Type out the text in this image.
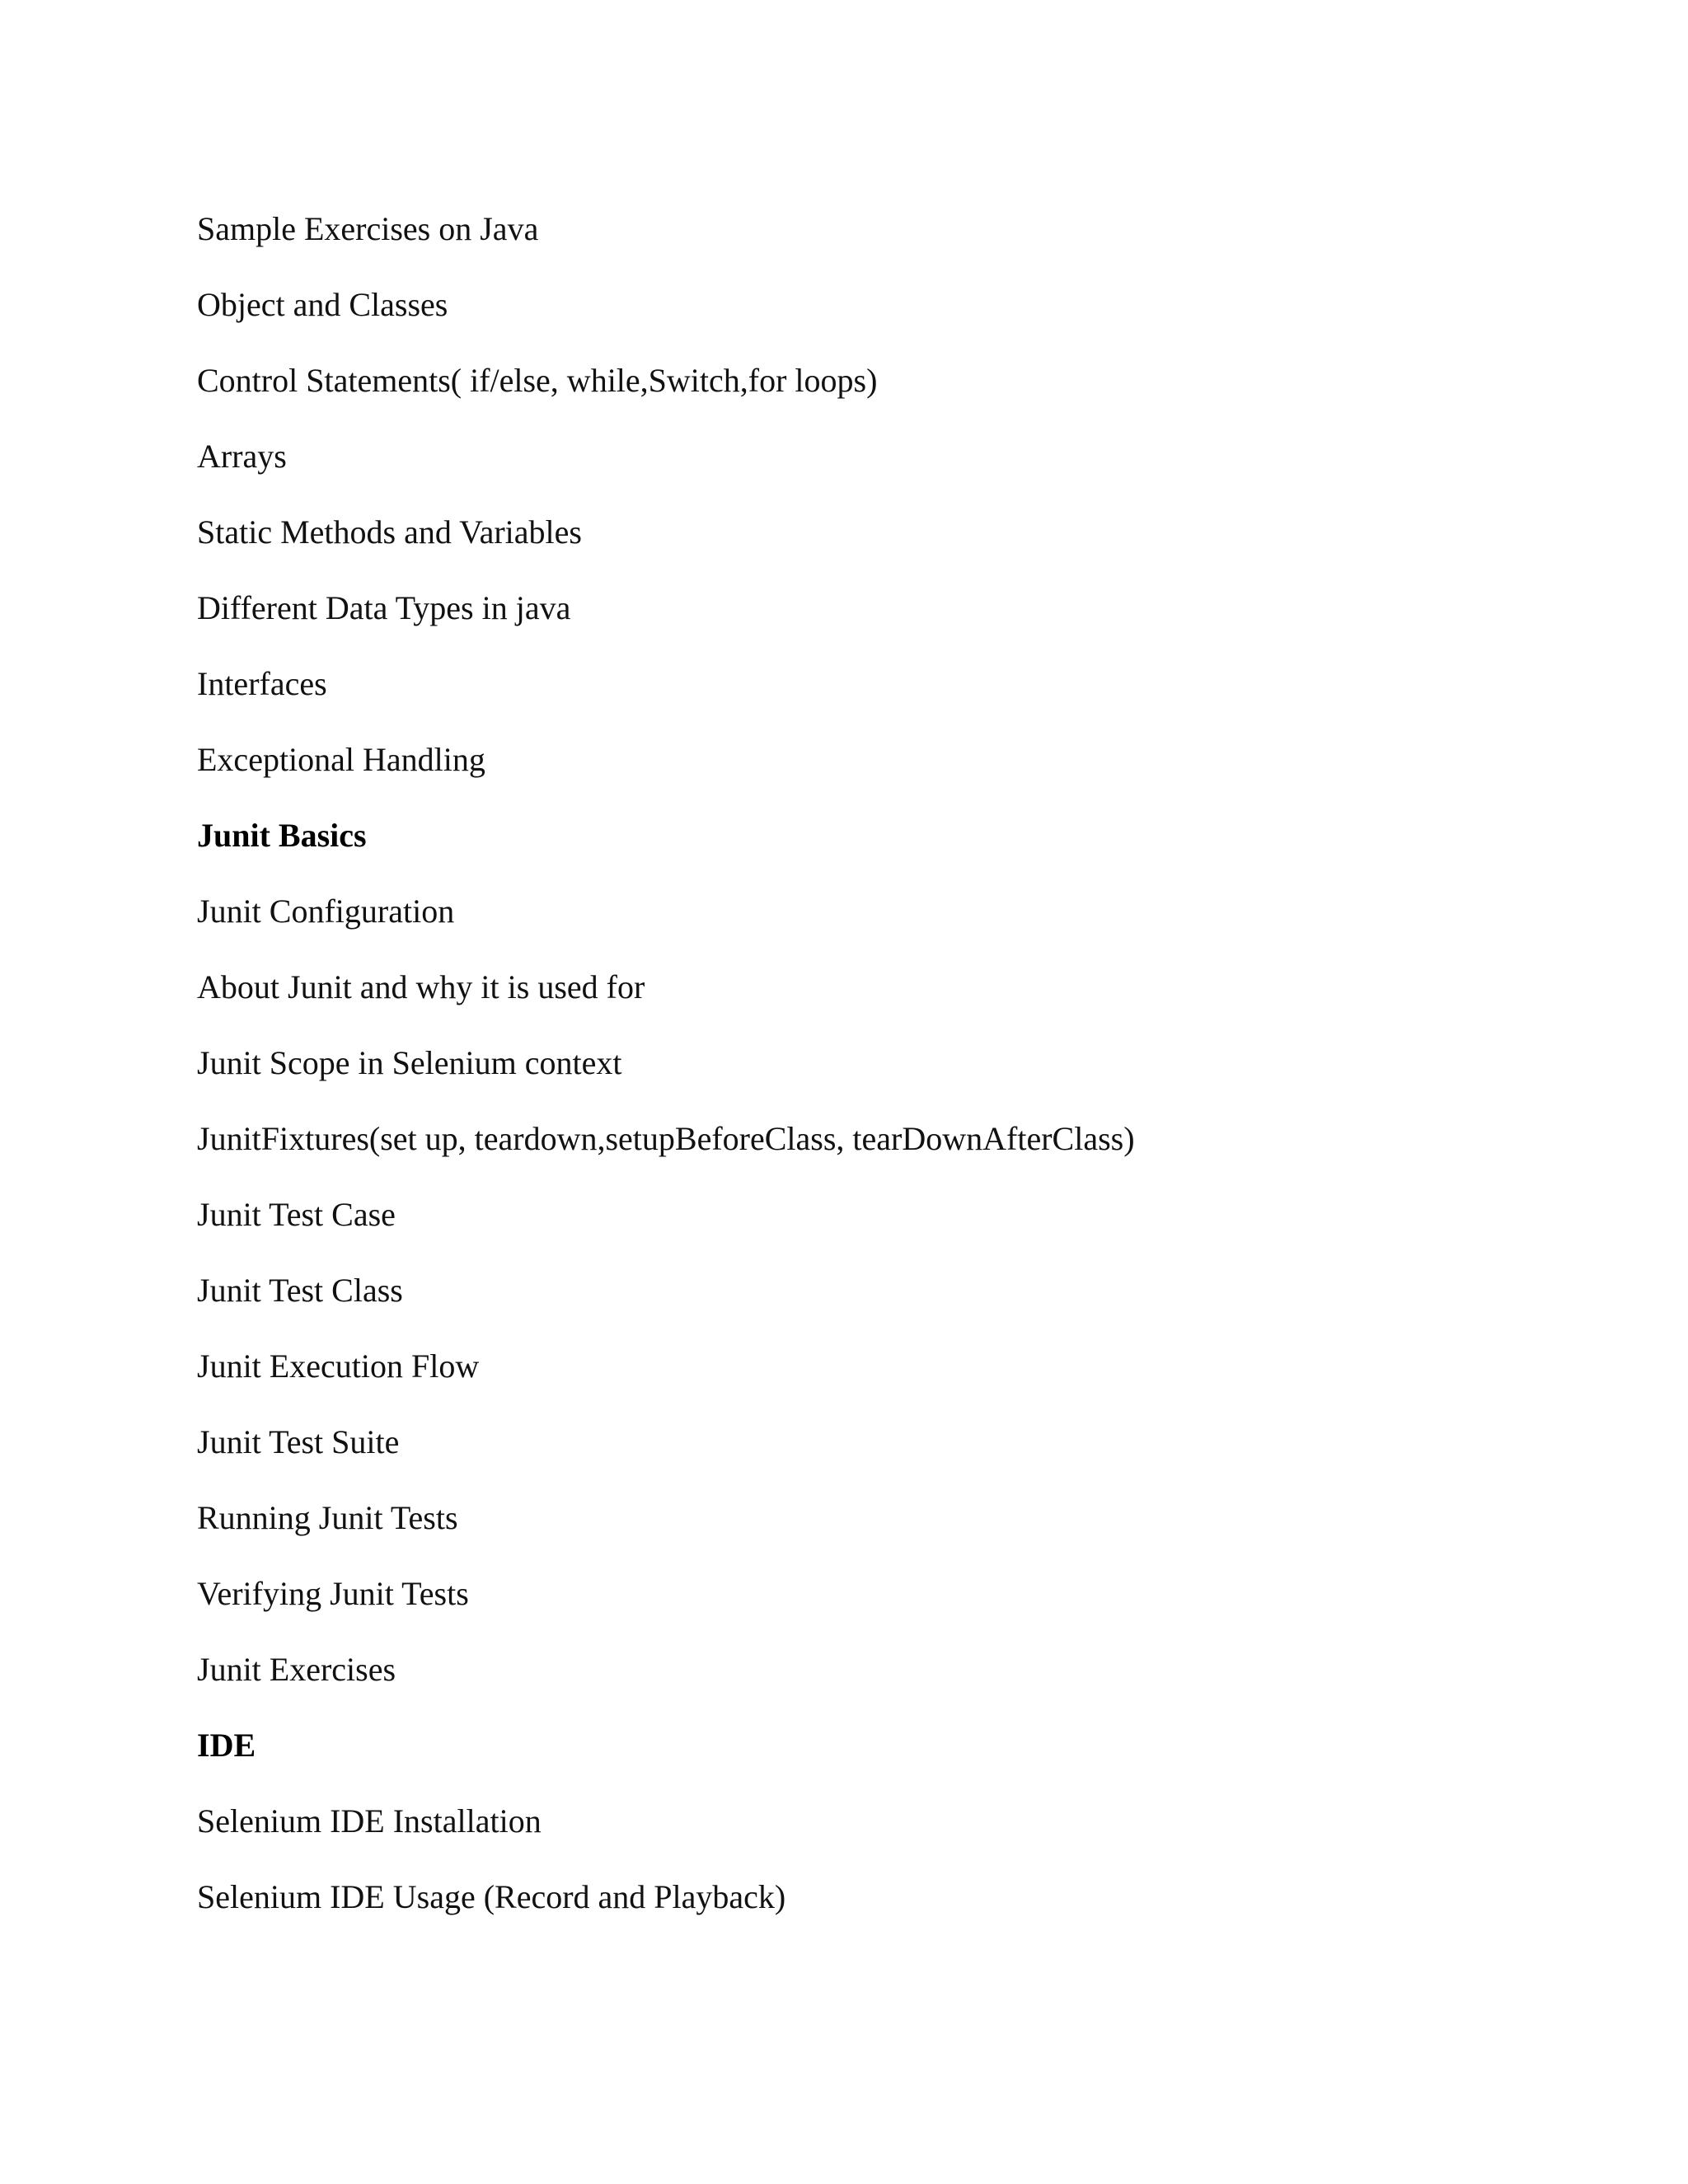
Sample Exercises on Java
Object and Classes
Control Statements( if/else, while,Switch,for loops)
Arrays
Static Methods and Variables
Different Data Types in java
Interfaces
Exceptional Handling
Junit Basics
Junit Configuration
About Junit and why it is used for
Junit Scope in Selenium context
JunitFixtures(set up, teardown,setupBeforeClass, tearDownAfterClass)
Junit Test Case
Junit Test Class
Junit Execution Flow
Junit Test Suite
Running Junit Tests
Verifying Junit Tests
Junit Exercises
IDE
Selenium IDE Installation
Selenium IDE Usage (Record and Playback)
